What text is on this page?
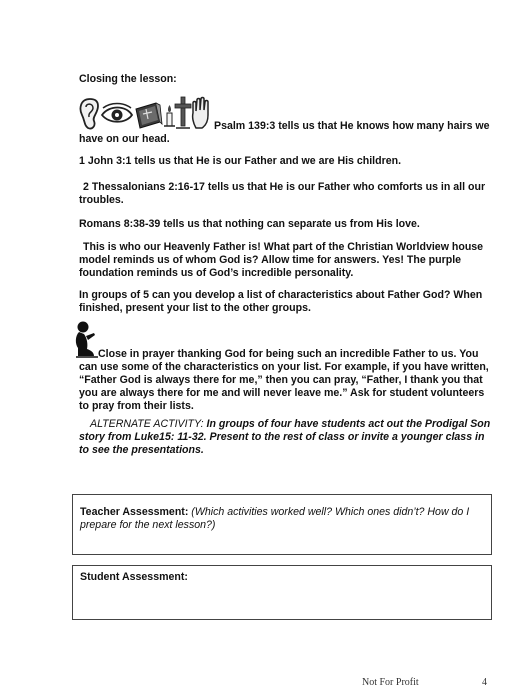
Closing the lesson:
Psalm 139:3 tells us that He knows how many hairs we have on our head.
1 John 3:1 tells us that He is our Father and we are His children.
2 Thessalonians 2:16-17 tells us that He is our Father who comforts us in all our troubles.
Romans 8:38-39 tells us that nothing can separate us from His love.
This is who our Heavenly Father is! What part of the Christian Worldview house model reminds us of whom God is? Allow time for answers. Yes! The purple foundation reminds us of God’s incredible personality.
In groups of 5 can you develop a list of characteristics about Father God? When finished, present your list to the other groups.
Close in prayer thanking God for being such an incredible Father to us. You can use some of the characteristics on your list. For example, if you have written, “Father God is always there for me,” then you can pray, “Father, I thank you that you are always there for me and will never leave me.” Ask for student volunteers to pray from their lists.
ALTERNATE ACTIVITY: In groups of four have students act out the Prodigal Son story from Luke15: 11-32. Present to the rest of class or invite a younger class in to see the presentations.
Teacher Assessment: (Which activities worked well? Which ones didn’t? How do I prepare for the next lesson?)
Student Assessment:
Not For Profit	4
